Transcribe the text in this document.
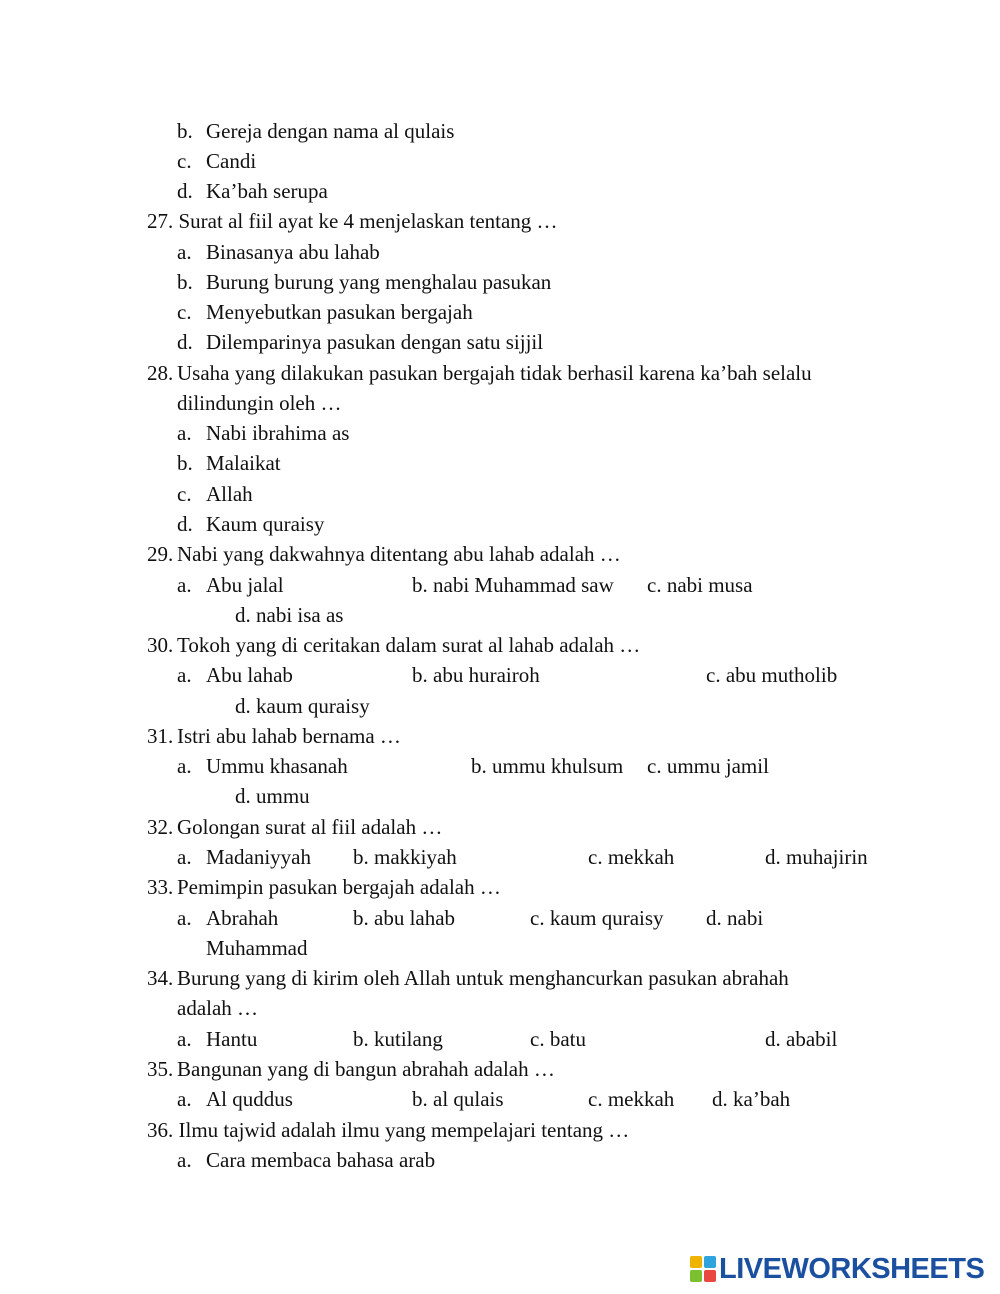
b. Gereja dengan nama al qulais
c. Candi
d. Ka’bah serupa
27. Surat al fiil ayat ke 4 menjelaskan tentang …
a. Binasanya abu lahab
b. Burung burung yang menghalau pasukan
c. Menyebutkan pasukan bergajah
d. Dilemparinya pasukan dengan satu sijjil
28. Usaha yang dilakukan pasukan bergajah tidak berhasil karena ka’bah selalu
dilindungin oleh …
a. Nabi ibrahima as
b. Malaikat
c. Allah
d. Kaum quraisy
29. Nabi yang dakwahnya ditentang abu lahab adalah …
a. Abu jalal	b. nabi Muhammad saw c. nabi musa
d. nabi isa as
30. Tokoh yang di ceritakan dalam surat al lahab adalah …
a. Abu lahab	b. abu hurairoh	c. abu mutholib
d. kaum quraisy
31. Istri abu lahab bernama …
a. Ummu khasanah	b. ummu khulsum c. ummu jamil
d. ummu
32. Golongan surat al fiil adalah …
a. Madaniyyah b. makkiyah	c. mekkah	d. muhajirin
33. Pemimpin pasukan bergajah adalah …
a. Abrahah	b. abu lahab	c. kaum quraisy d. nabi
Muhammad
34. Burung yang di kirim oleh Allah untuk menghancurkan pasukan abrahah
adalah …
a. Hantu	b. kutilang	c. batu	d. ababil
35. Bangunan yang di bangun abrahah adalah …
a. Al quddus	b. al qulais	c. mekkah d. ka’bah
36. Ilmu tajwid adalah ilmu yang mempelajari tentang …
a. Cara membaca bahasa arab
LIVEWORKSHEETS
